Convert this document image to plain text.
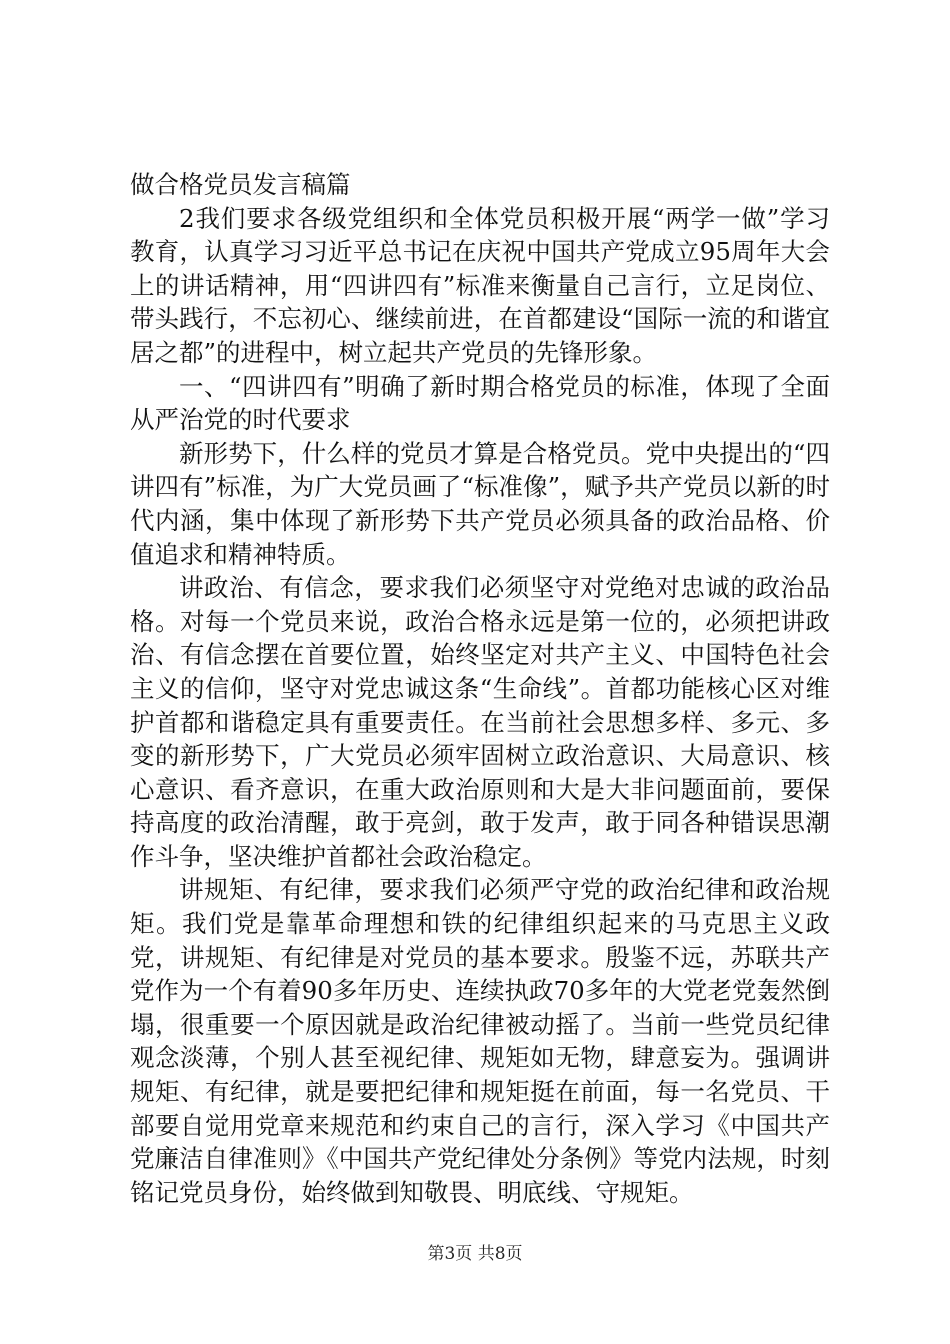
做合格党员发言稿篇

2我们要求各级党组织和全体党员积极开展“两学一做”学习教育，认真学习习近平总书记在庆祝中国共产党成立95周年大会上的讲话精神，用“四讲四有”标准来衡量自己言行，立足岗位、带头践行，不忘初心、继续前进，在首都建设“国际一流的和谐宜居之都”的进程中，树立起共产党员的先锋形象。

一、“四讲四有”明确了新时期合格党员的标准，体现了全面从严治党的时代要求

新形势下，什么样的党员才算是合格党员。党中央提出的“四讲四有”标准，为广大党员画了“标准像”，赋予共产党员以新的时代内涵，集中体现了新形势下共产党员必须具备的政治品格、价值追求和精神特质。

讲政治、有信念，要求我们必须坚守对党绝对忠诚的政治品格。对每一个党员来说，政治合格永远是第一位的，必须把讲政治、有信念摆在首要位置，始终坚定对共产主义、中国特色社会主义的信仰，坚守对党忠诚这条“生命线”。首都功能核心区对维护首都和谐稳定具有重要责任。在当前社会思想多样、多元、多变的新形势下，广大党员必须牢固树立政治意识、大局意识、核心意识、看齐意识，在重大政治原则和大是大非问题面前，要保持高度的政治清醒，敢于亮剑，敢于发声，敢于同各种错误思潮作斗争，坚决维护首都社会政治稳定。

讲规矩、有纪律，要求我们必须严守党的政治纪律和政治规矩。我们党是靠革命理想和铁的纪律组织起来的马克思主义政党，讲规矩、有纪律是对党员的基本要求。殷鉴不远，苏联共产党作为一个有着90多年历史、连续执政70多年的大党老党轰然倒塌，很重要一个原因就是政治纪律被动摇了。当前一些党员纪律观念淡薄，个别人甚至视纪律、规矩如无物，肆意妄为。强调讲规矩、有纪律，就是要把纪律和规矩挺在前面，每一名党员、干部要自觉用党章来规范和约束自己的言行，深入学习《中国共产党廉洁自律准则》《中国共产党纪律处分条例》等党内法规，时刻铭记党员身份，始终做到知敬畏、明底线、守规矩。

第3页 共8页
